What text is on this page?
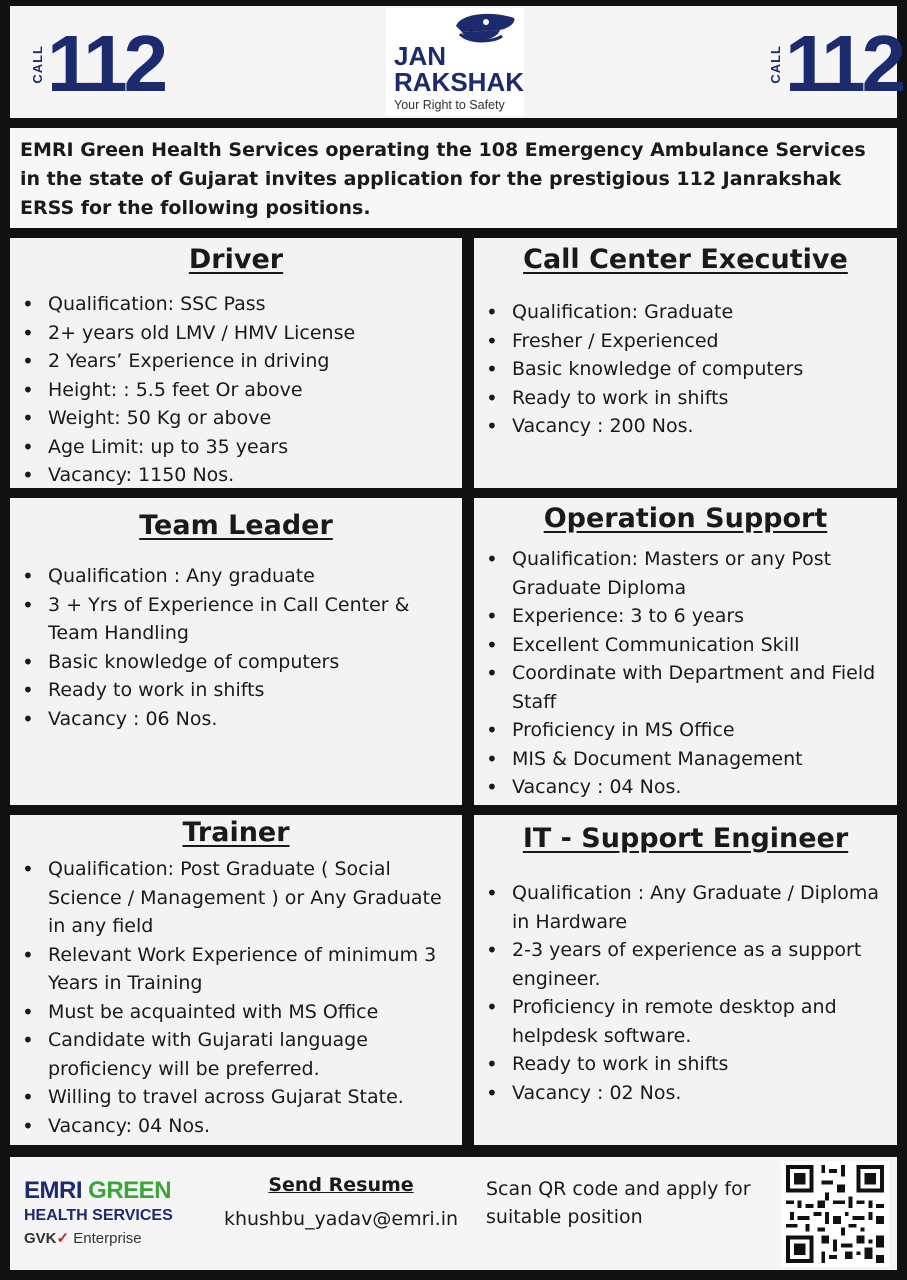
CALL 112	JAN
RAKSHAK
Your Right to Safety
CALL 112

EMRI Green Health Services operating the 108 Emergency Ambulance Services in the state of Gujarat invites application for the prestigious 112 Janrakshak ERSS for the following positions.

Driver
• Qualification: SSC Pass
• 2+ years old LMV / HMV License
• 2 Years’ Experience in driving
• Height: : 5.5 feet Or above
• Weight: 50 Kg or above
• Age Limit: up to 35 years
• Vacancy: 1150 Nos.
Call Center Executive
• Qualification: Graduate
• Fresher / Experienced
• Basic knowledge of computers
• Ready to work in shifts
• Vacancy : 200 Nos.
Team Leader
• Qualification : Any graduate
• 3 + Yrs of Experience in Call Center & Team Handling
• Basic knowledge of computers
• Ready to work in shifts
• Vacancy : 06 Nos.
Operation Support
• Qualification: Masters or any Post Graduate Diploma
• Experience: 3 to 6 years
• Excellent Communication Skill
• Coordinate with Department and Field Staff
• Proficiency in MS Office
• MIS & Document Management
• Vacancy : 04 Nos.
Trainer
• Qualification: Post Graduate ( Social Science / Management ) or Any Graduate in any field
• Relevant Work Experience of minimum 3 Years in Training
• Must be acquainted with MS Office
• Candidate with Gujarati language proficiency will be preferred.
• Willing to travel across Gujarat State.
• Vacancy: 04 Nos.
IT - Support Engineer
• Qualification : Any Graduate / Diploma in Hardware
• 2-3 years of experience as a support engineer.
• Proficiency in remote desktop and helpdesk software.
• Ready to work in shifts
• Vacancy : 02 Nos.
EMRI GREEN
HEALTH SERVICES
GVK✓ Enterprise
Send Resume
khushbu_yadav@emri.in
Scan QR code and apply for suitable position
